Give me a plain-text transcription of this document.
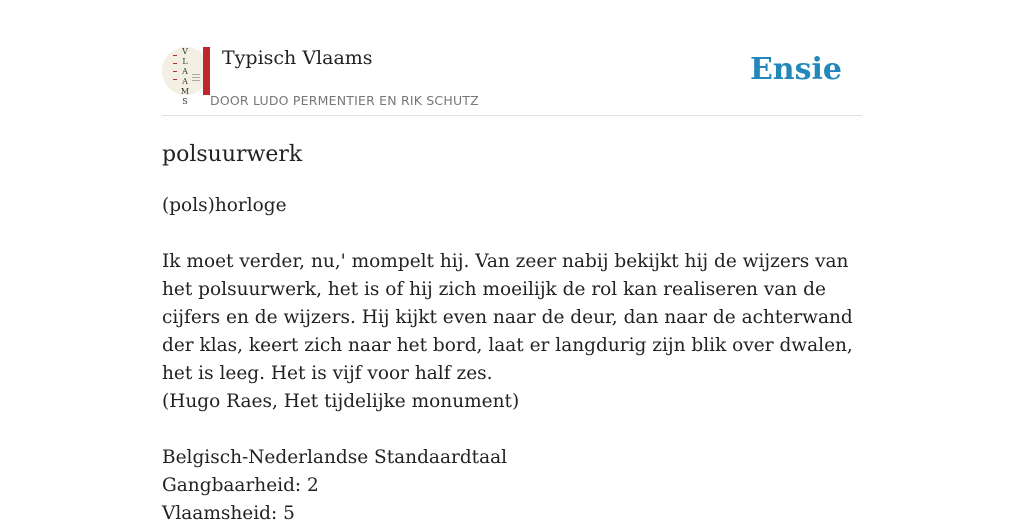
V
L
A
A
M
S
Typisch Vlaams
DOOR LUDO PERMENTIER EN RIK SCHUTZ
Ensie
polsuurwerk

(pols)horloge

Ik moet verder, nu,' mompelt hij. Van zeer nabij bekijkt hij de wijzers van het polsuurwerk, het is of hij zich moeilijk de rol kan realiseren van de cijfers en de wijzers. Hij kijkt even naar de deur, dan naar de achterwand der klas, keert zich naar het bord, laat er langdurig zijn blik over dwalen, het is leeg. Het is vijf voor half zes.
(Hugo Raes, Het tijdelijke monument)
Belgisch-Nederlandse Standaardtaal
Gangbaarheid: 2
Vlaamsheid: 5
